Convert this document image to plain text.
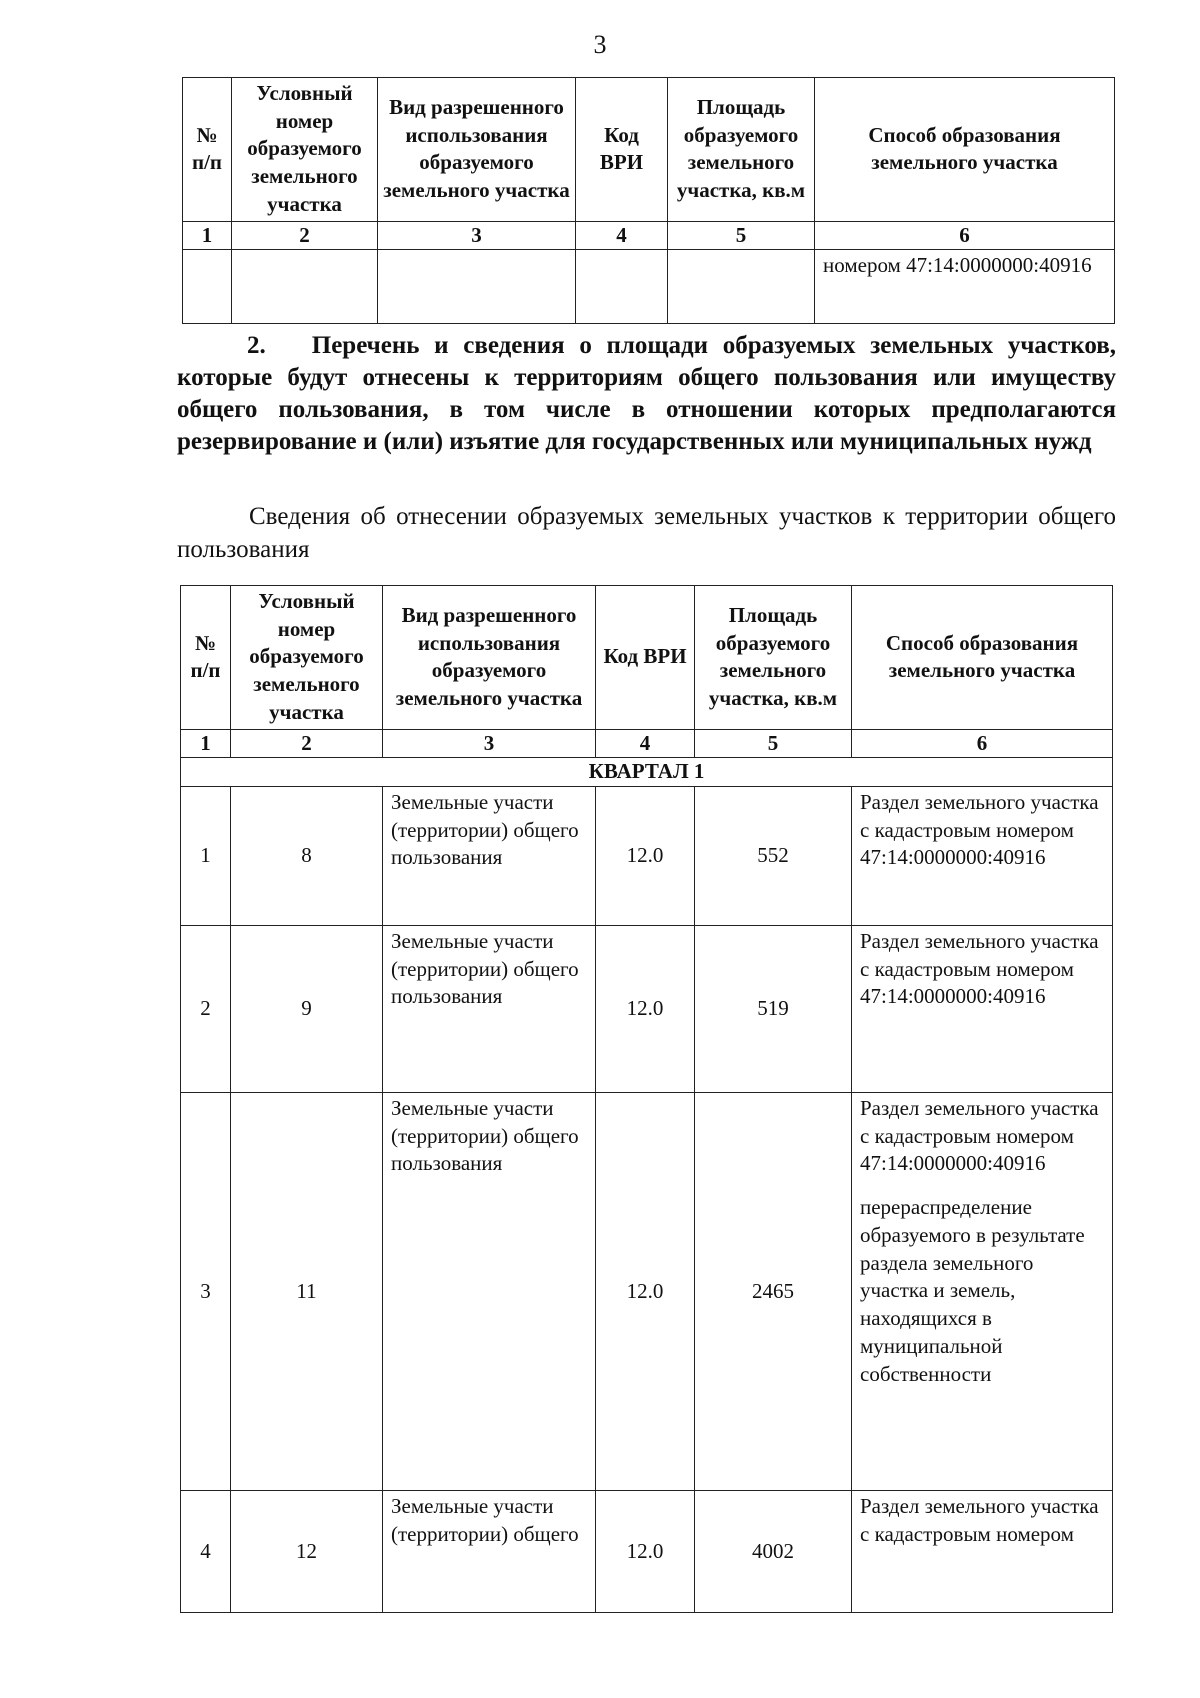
3
№ п/п	Условный номер образуемого земельного участка	Вид разрешенного использования образуемого земельного участка	Код ВРИ	Площадь образуемого земельного участка, кв.м	Способ образования земельного участка
1	2	3	4	5	6
					номером 47:14:0000000:40916

2. Перечень и сведения о площади образуемых земельных участков, которые будут отнесены к территориям общего пользования или имуществу общего пользования, в том числе в отношении которых предполагаются резервирование и (или) изъятие для государственных или муниципальных нужд

Сведения об отнесении образуемых земельных участков к территории общего пользования

№ п/п	Условный номер образуемого земельного участка	Вид разрешенного использования образуемого земельного участка	Код ВРИ	Площадь образуемого земельного участка, кв.м	Способ образования земельного участка
1	2	3	4	5	6
КВАРТАЛ 1					
1	8	Земельные участи (территории) общего пользования	12.0	552	Раздел земельного участка с кадастровым номером 47:14:0000000:40916
2	9	Земельные участи (территории) общего пользования	12.0	519	Раздел земельного участка с кадастровым номером 47:14:0000000:40916
3	11	Земельные участи (территории) общего пользования	12.0	2465	Раздел земельного участка с кадастровым номером 47:14:0000000:40916
перераспределение образуемого в результате раздела земельного участка и земель, находящихся в муниципальной собственности

4	12	Земельные участи (территории) общего	12.0	4002	Раздел земельного участка с кадастровым номером
